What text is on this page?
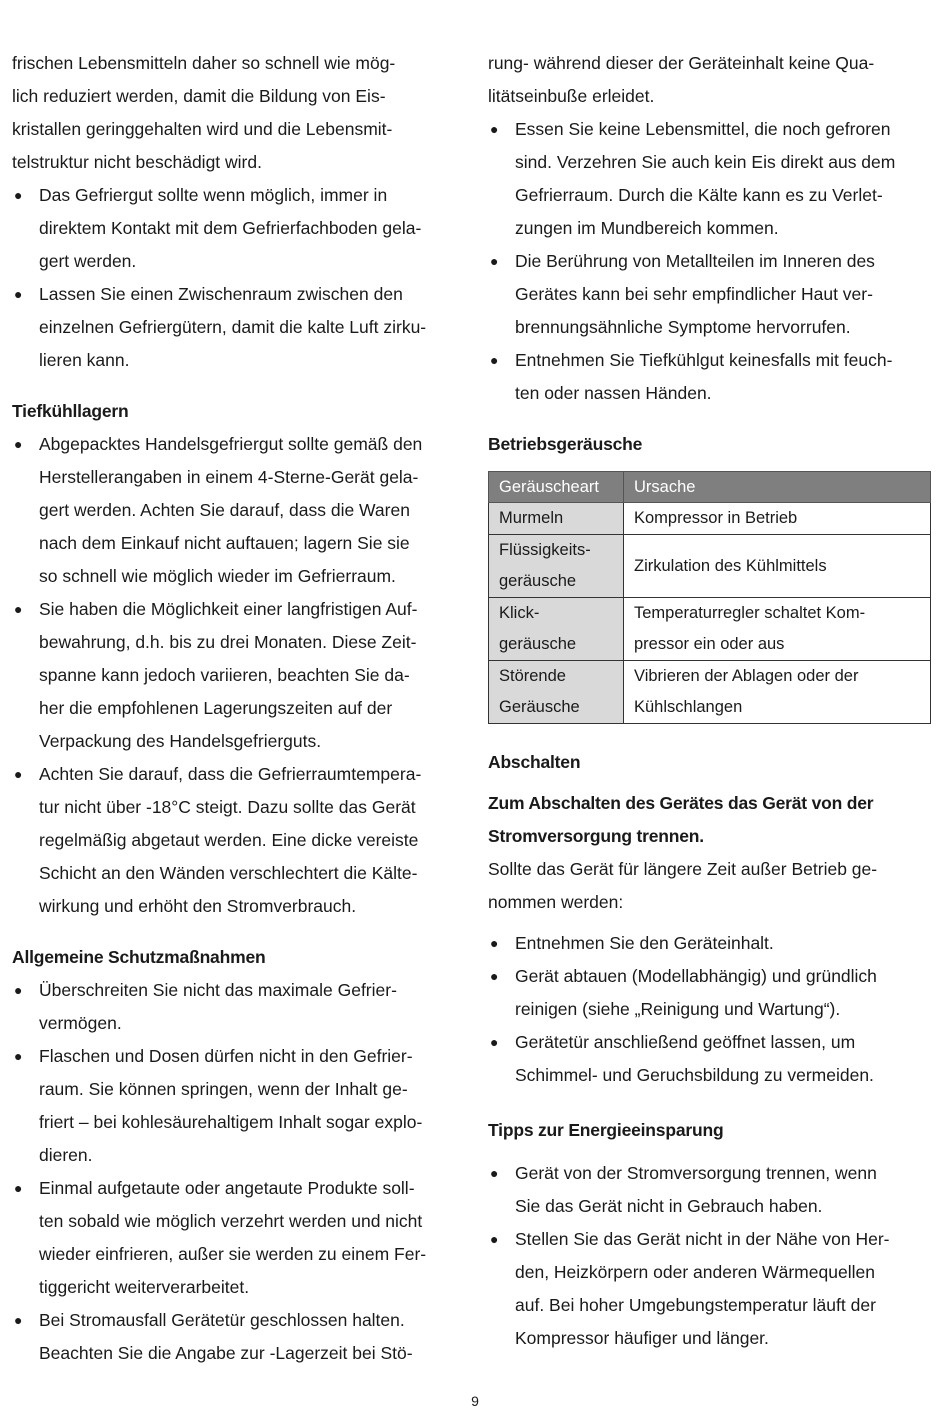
frischen Lebensmitteln daher so schnell wie mög-

lich reduziert werden, damit die Bildung von Eis-

kristallen geringgehalten wird und die Lebensmit-

telstruktur nicht beschädigt wird.

● Das Gefriergut sollte wenn möglich, immer in

direktem Kontakt mit dem Gefrierfachboden gela-

gert werden.

● Lassen Sie einen Zwischenraum zwischen den

einzelnen Gefriergütern, damit die kalte Luft zirku-

lieren kann.

Tiefkühllagern

● Abgepacktes Handelsgefriergut sollte gemäß den

Herstellerangaben in einem 4-Sterne-Gerät gela-

gert werden. Achten Sie darauf, dass die Waren

nach dem Einkauf nicht auftauen; lagern Sie sie

so schnell wie möglich wieder im Gefrierraum.

● Sie haben die Möglichkeit einer langfristigen Auf-

bewahrung, d.h. bis zu drei Monaten. Diese Zeit-

spanne kann jedoch variieren, beachten Sie da-

her die empfohlenen Lagerungszeiten auf der

Verpackung des Handelsgefrierguts.

● Achten Sie darauf, dass die Gefrierraumtempera-

tur nicht über -18°C steigt. Dazu sollte das Gerät

regelmäßig abgetaut werden. Eine dicke vereiste

Schicht an den Wänden verschlechtert die Kälte-

wirkung und erhöht den Stromverbrauch.

Allgemeine Schutzmaßnahmen

● Überschreiten Sie nicht das maximale Gefrier-

vermögen.

● Flaschen und Dosen dürfen nicht in den Gefrier-

raum. Sie können springen, wenn der Inhalt ge-

friert – bei kohlesäurehaltigem Inhalt sogar explo-

dieren.

● Einmal aufgetaute oder angetaute Produkte soll-

ten sobald wie möglich verzehrt werden und nicht

wieder einfrieren, außer sie werden zu einem Fer-

tiggericht weiterverarbeitet.

● Bei Stromausfall Gerätetür geschlossen halten.

Beachten Sie die Angabe zur -Lagerzeit bei Stö-

rung- während dieser der Geräteinhalt keine Qua-

litätseinbuße erleidet.

● Essen Sie keine Lebensmittel, die noch gefroren

sind. Verzehren Sie auch kein Eis direkt aus dem

Gefrierraum. Durch die Kälte kann es zu Verlet-

zungen im Mundbereich kommen.

● Die Berührung von Metallteilen im Inneren des

Gerätes kann bei sehr empfindlicher Haut ver-

brennungsähnliche Symptome hervorrufen.

● Entnehmen Sie Tiefkühlgut keinesfalls mit feuch-

ten oder nassen Händen.

Betriebsgeräusche

Geräuscheart	Ursache

Murmeln	Kompressor in Betrieb

Flüssigkeits-
geräusche	Zirkulation des Kühlmittels

Klick-
geräusche	Temperaturregler schaltet Kom-
pressor ein oder aus

Störende
Geräusche	Vibrieren der Ablagen oder der
Kühlschlangen

Abschalten

Zum Abschalten des Gerätes das Gerät von der

Stromversorgung trennen.

Sollte das Gerät für längere Zeit außer Betrieb ge-

nommen werden:

● Entnehmen Sie den Geräteinhalt.

● Gerät abtauen (Modellabhängig) und gründlich

reinigen (siehe „Reinigung und Wartung“).

● Gerätetür anschließend geöffnet lassen, um

Schimmel- und Geruchsbildung zu vermeiden.

Tipps zur Energieeinsparung

● Gerät von der Stromversorgung trennen, wenn

Sie das Gerät nicht in Gebrauch haben.

● Stellen Sie das Gerät nicht in der Nähe von Her-

den, Heizkörpern oder anderen Wärmequellen

auf. Bei hoher Umgebungstemperatur läuft der

Kompressor häufiger und länger.

9
